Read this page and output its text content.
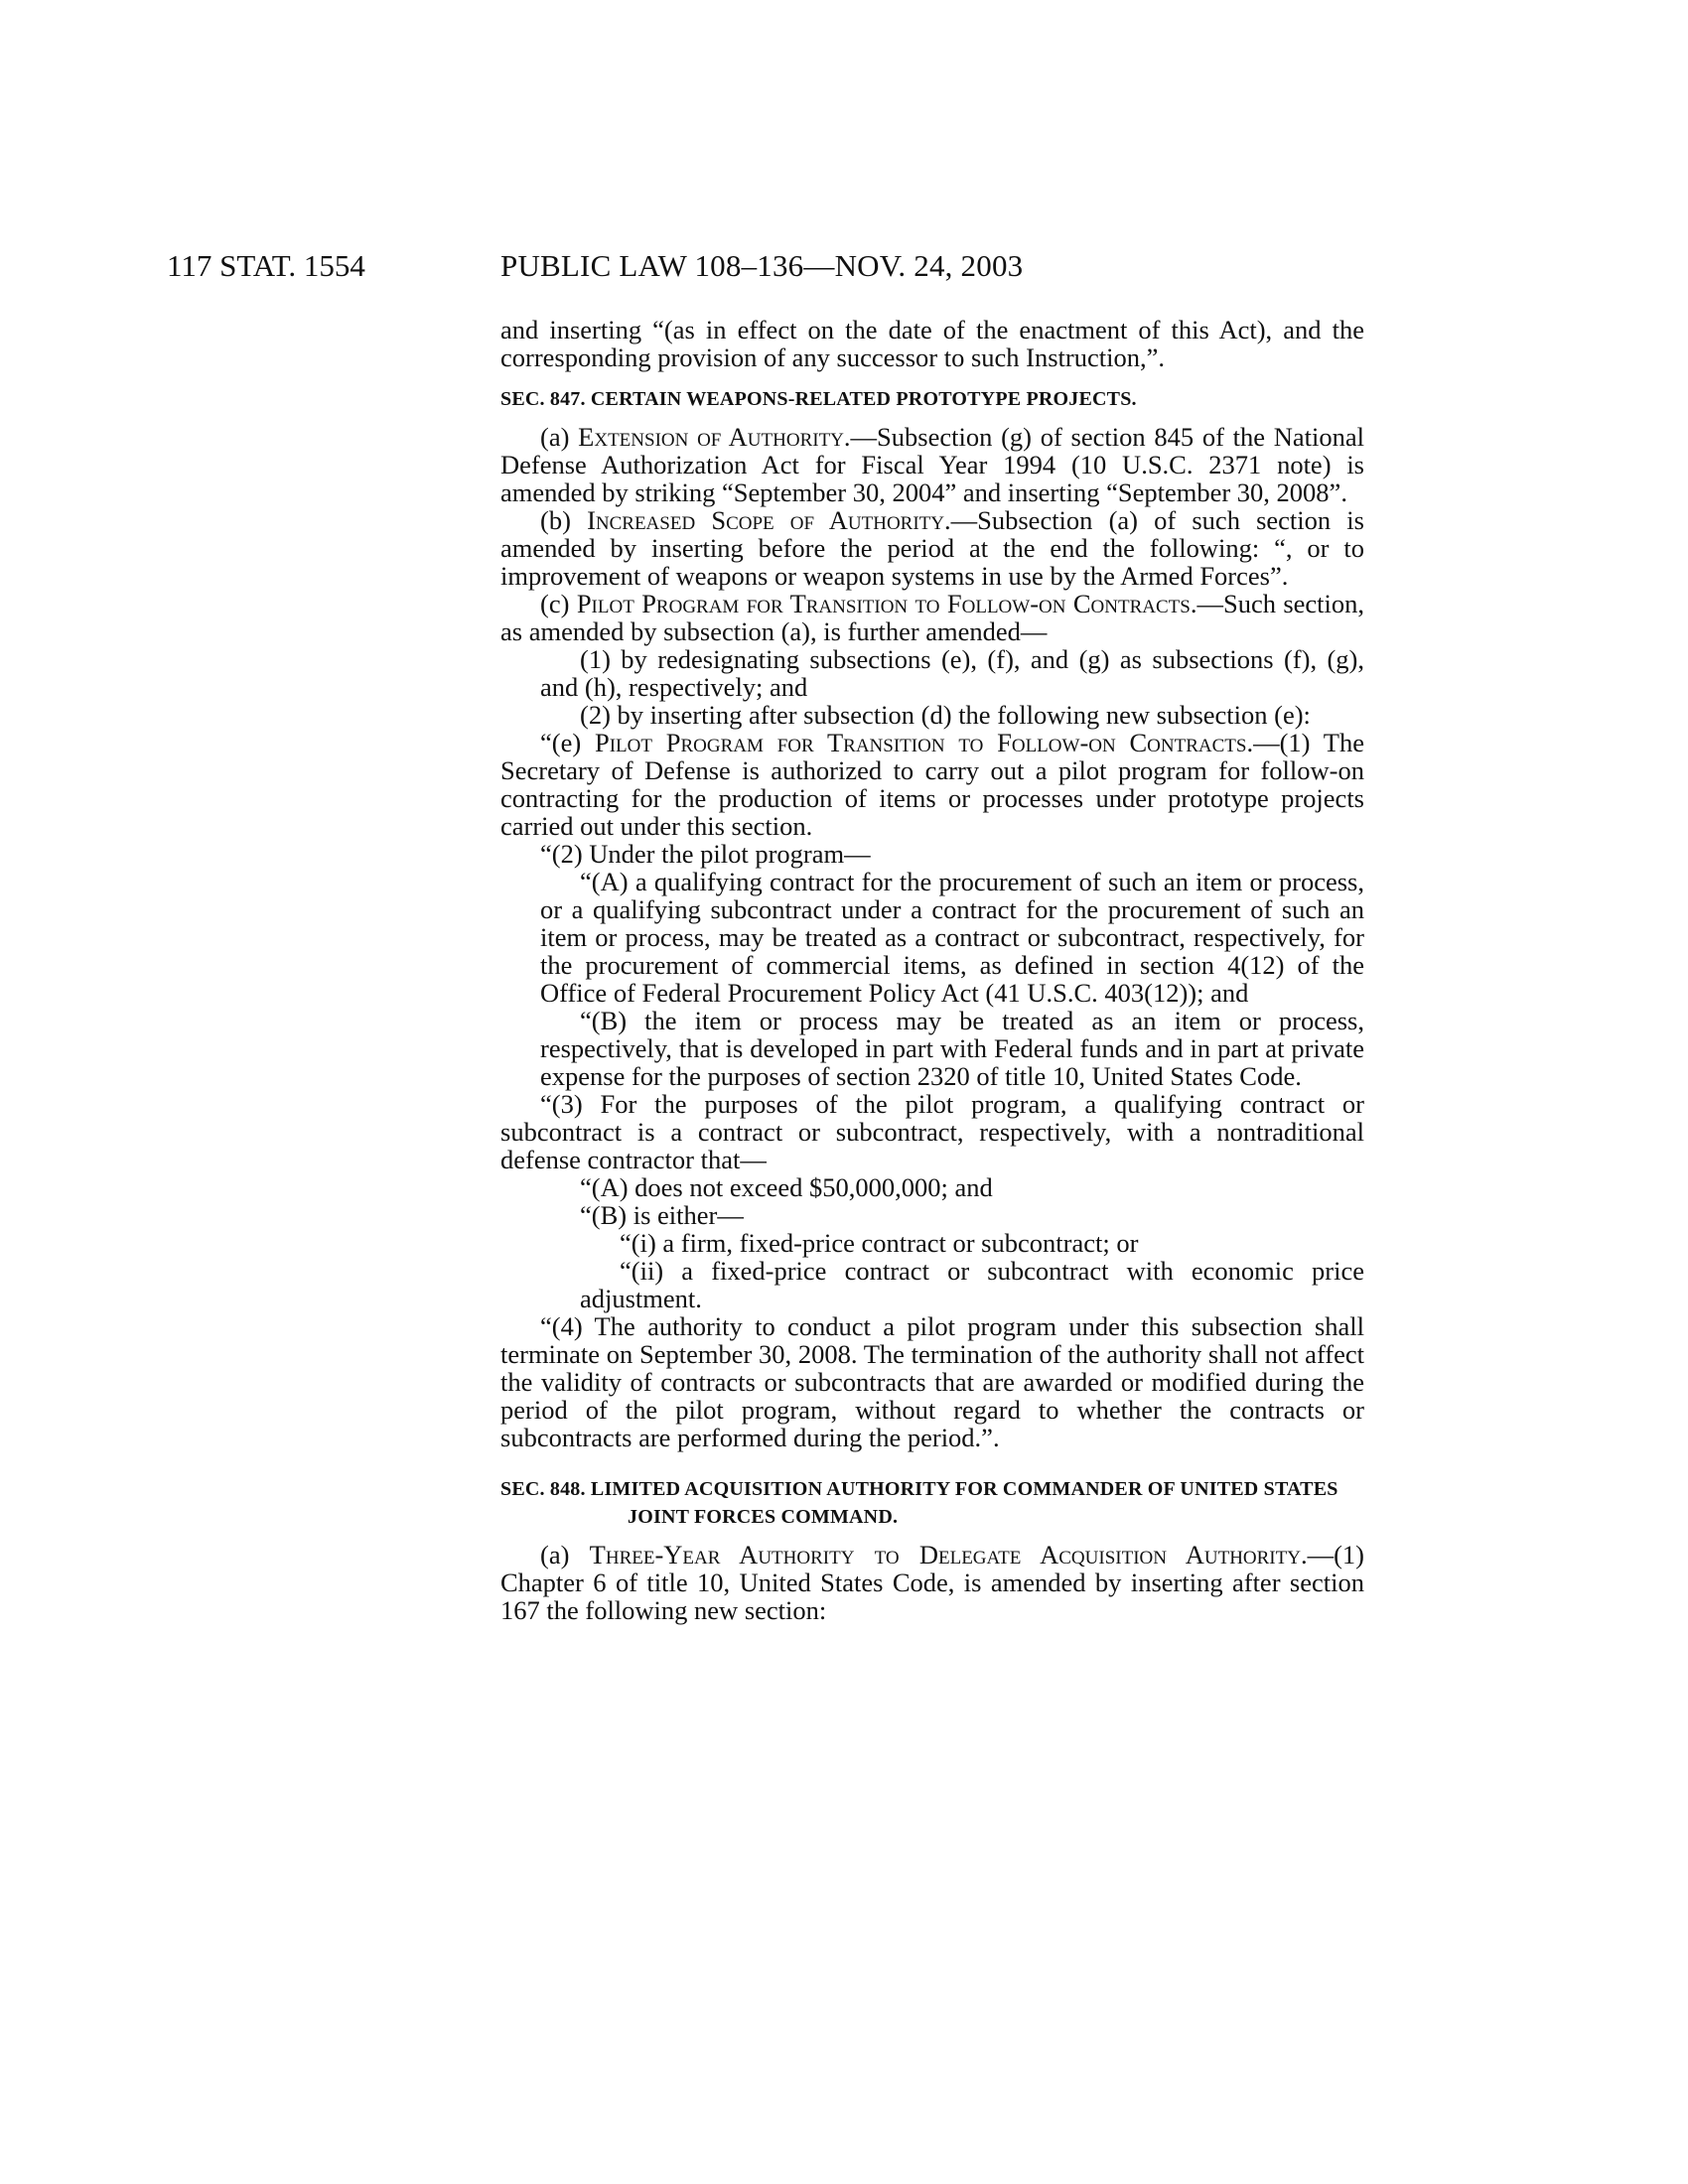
117 STAT. 1554	PUBLIC LAW 108–136—NOV. 24, 2003

and inserting “(as in effect on the date of the enactment of this Act), and the corresponding provision of any successor to such Instruction,”.

SEC. 847. CERTAIN WEAPONS-RELATED PROTOTYPE PROJECTS.

(a) Extension of Authority.—Subsection (g) of section 845 of the National Defense Authorization Act for Fiscal Year 1994 (10 U.S.C. 2371 note) is amended by striking “September 30, 2004” and inserting “September 30, 2008”.

(b) Increased Scope of Authority.—Subsection (a) of such section is amended by inserting before the period at the end the following: “, or to improvement of weapons or weapon systems in use by the Armed Forces”.

(c) Pilot Program for Transition to Follow-on Contracts.—Such section, as amended by subsection (a), is further amended—

(1) by redesignating subsections (e), (f), and (g) as subsections (f), (g), and (h), respectively; and

(2) by inserting after subsection (d) the following new subsection (e):

“(e) Pilot Program for Transition to Follow-on Contracts.—(1) The Secretary of Defense is authorized to carry out a pilot program for follow-on contracting for the production of items or processes under prototype projects carried out under this section.

“(2) Under the pilot program—

“(A) a qualifying contract for the procurement of such an item or process, or a qualifying subcontract under a contract for the procurement of such an item or process, may be treated as a contract or subcontract, respectively, for the procurement of commercial items, as defined in section 4(12) of the Office of Federal Procurement Policy Act (41 U.S.C. 403(12)); and

“(B) the item or process may be treated as an item or process, respectively, that is developed in part with Federal funds and in part at private expense for the purposes of section 2320 of title 10, United States Code.

“(3) For the purposes of the pilot program, a qualifying contract or subcontract is a contract or subcontract, respectively, with a nontraditional defense contractor that—

“(A) does not exceed $50,000,000; and

“(B) is either—

“(i) a firm, fixed-price contract or subcontract; or

“(ii) a fixed-price contract or subcontract with economic price adjustment.

“(4) The authority to conduct a pilot program under this subsection shall terminate on September 30, 2008. The termination of the authority shall not affect the validity of contracts or subcontracts that are awarded or modified during the period of the pilot program, without regard to whether the contracts or subcontracts are performed during the period.”.

SEC. 848. LIMITED ACQUISITION AUTHORITY FOR COMMANDER OF UNITED STATES JOINT FORCES COMMAND.

(a) Three-Year Authority to Delegate Acquisition Authority.—(1) Chapter 6 of title 10, United States Code, is amended by inserting after section 167 the following new section:
